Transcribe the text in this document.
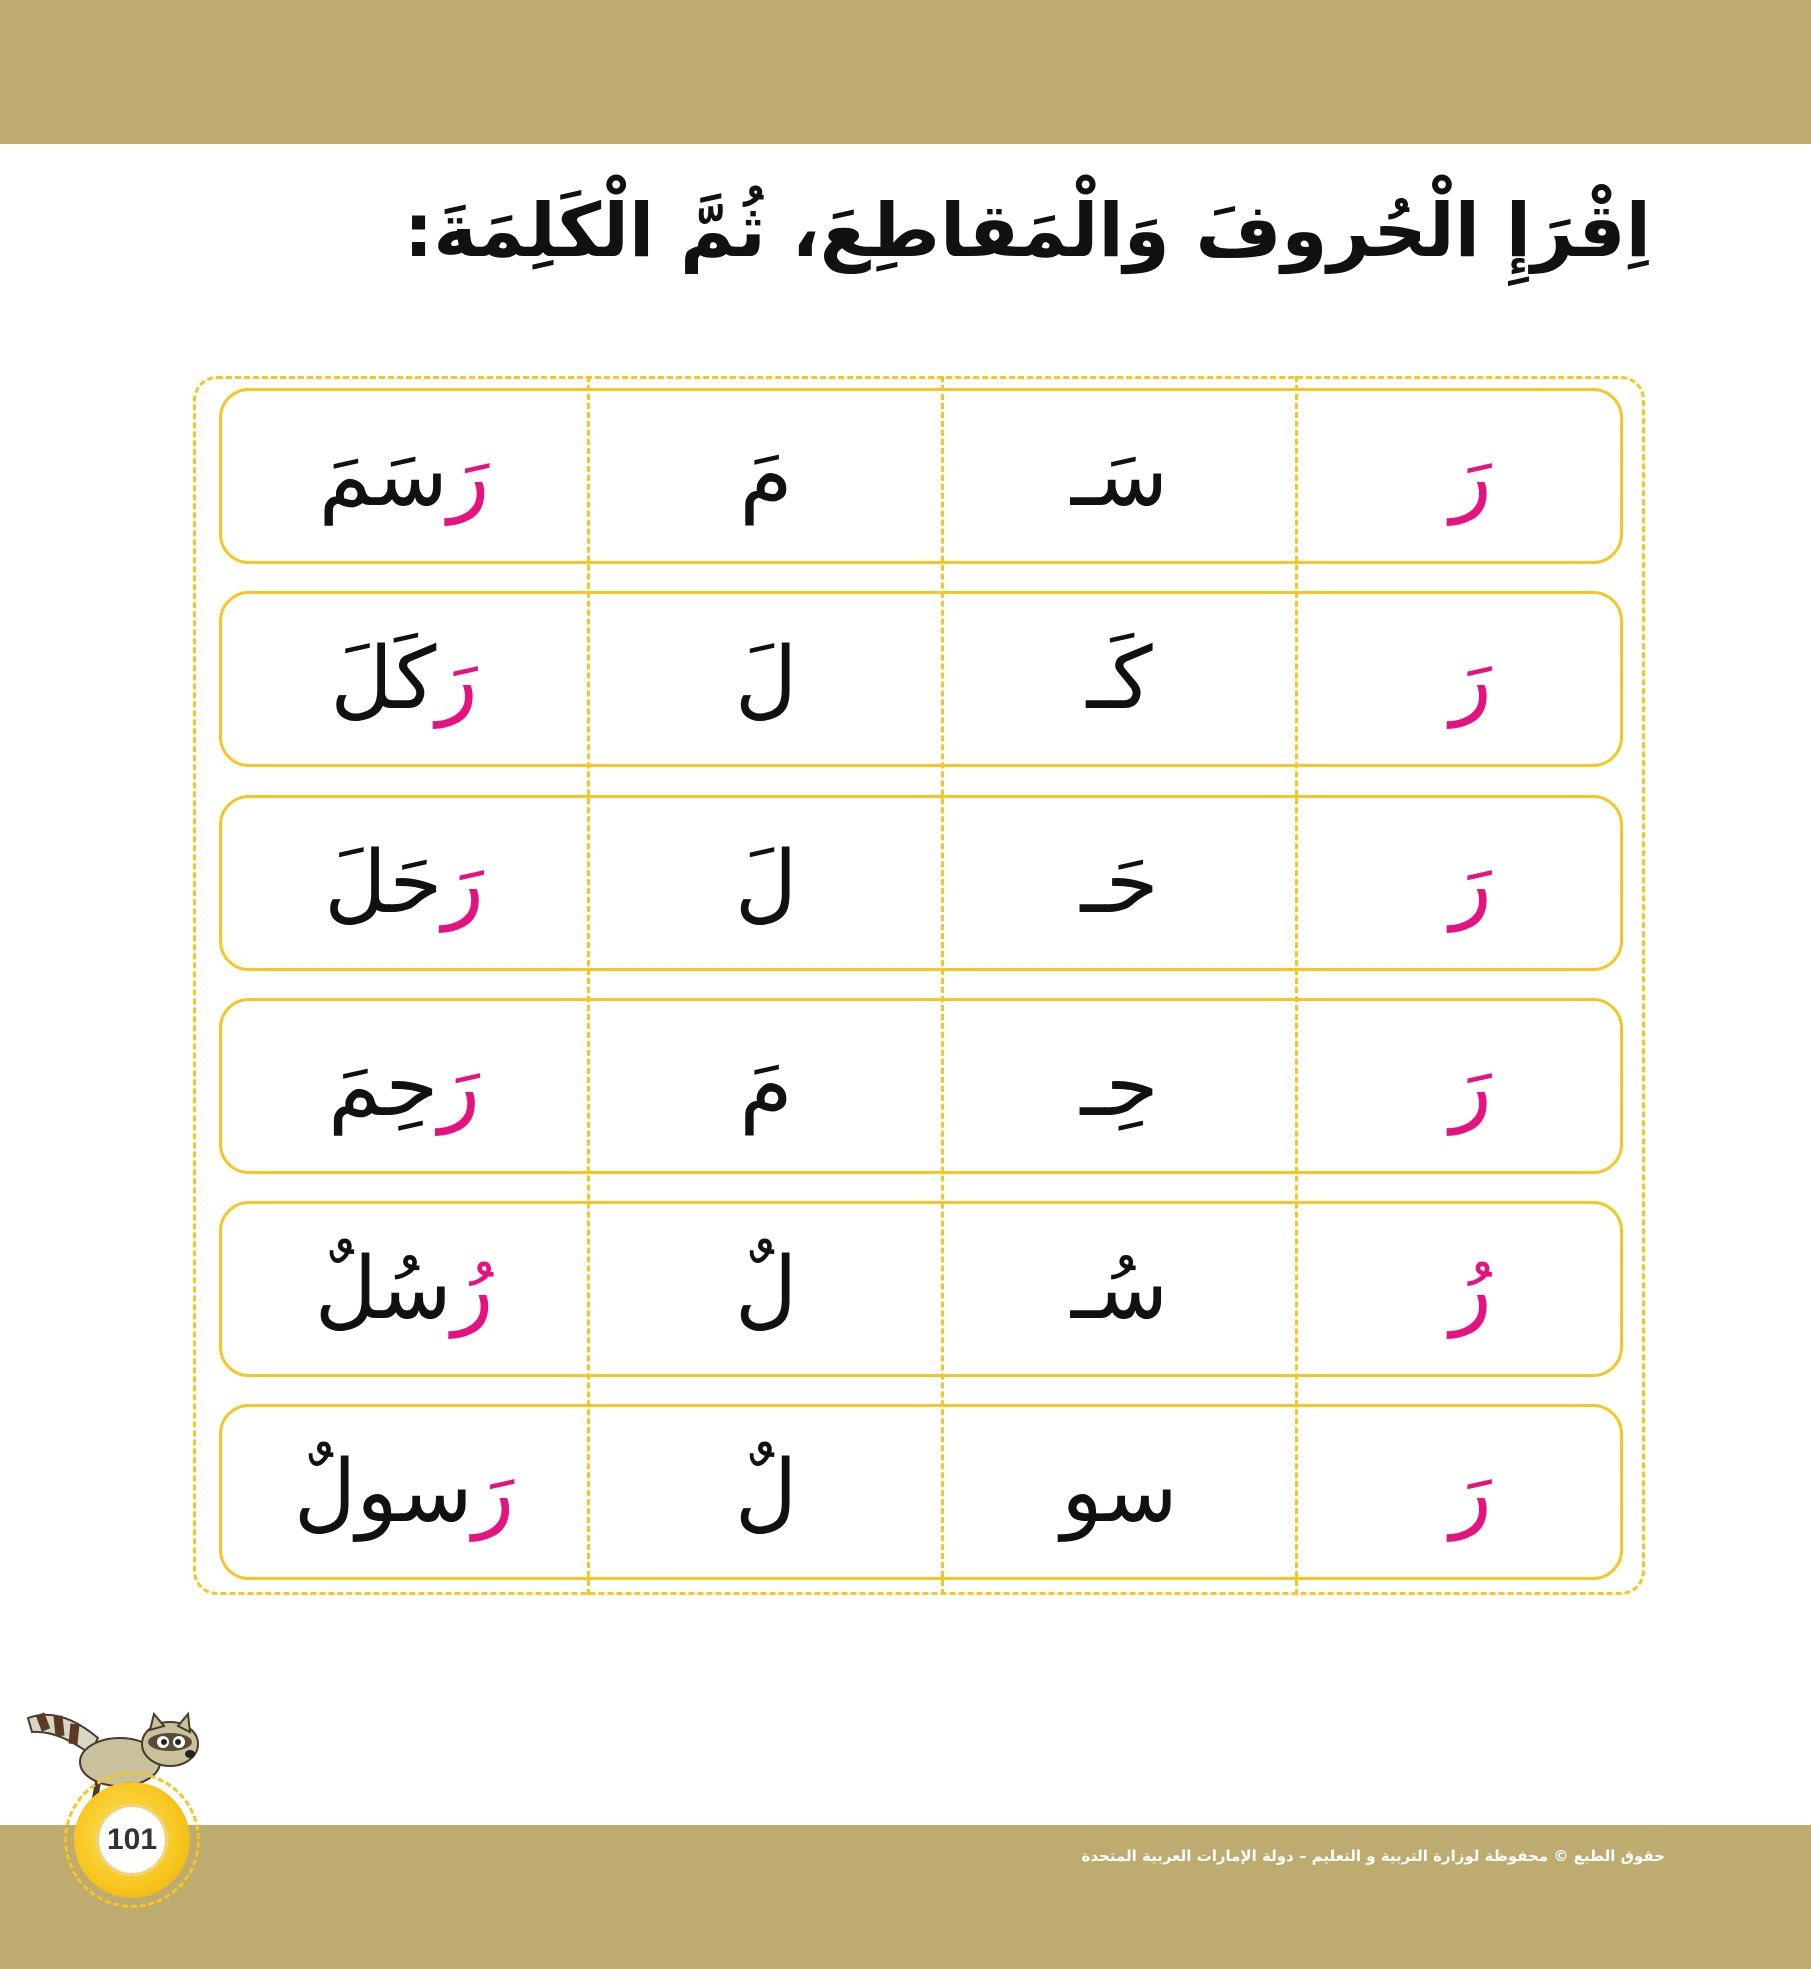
اِقْرَإِ الْحُروفَ وَالْمَقاطِعَ، ثُمَّ الْكَلِمَةَ:
رَ
سَـ
مَ
رَ
سَمَ
رَ
كَـ
لَ
رَ
كَلَ
رَ
حَـ
لَ
رَ
حَلَ
رَ
حِـ
مَ
رَ
حِمَ
رُ
سُـ
لٌ
رُ
سُلٌ
رَ
سو
لٌ
رَ
سولٌ
حقوق الطبع © محفوظة لوزارة التربية و التعليم – دولة الإمارات العربية المتحدة
101
